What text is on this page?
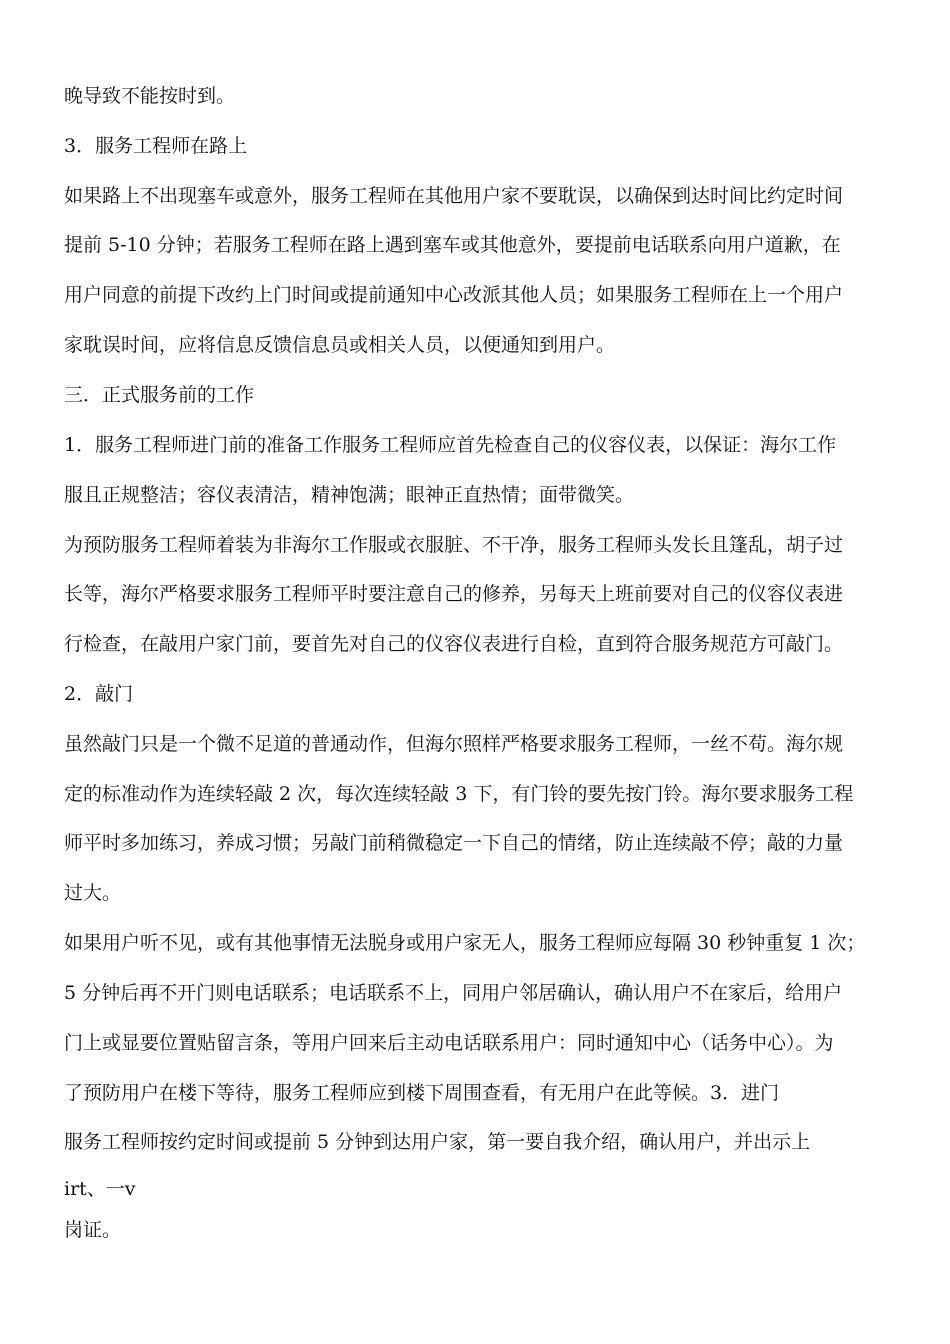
晚导致不能按时到。
3．服务工程师在路上
如果路上不出现塞车或意外，服务工程师在其他用户家不要耽误，以确保到达时间比约定时间
提前 5-10 分钟；若服务工程师在路上遇到塞车或其他意外，要提前电话联系向用户道歉，在
用户同意的前提下改约上门时间或提前通知中心改派其他人员；如果服务工程师在上一个用户
家耽误时间，应将信息反馈信息员或相关人员，以便通知到用户。
三．正式服务前的工作
1．服务工程师进门前的准备工作服务工程师应首先检查自己的仪容仪表，以保证：海尔工作
服且正规整洁；容仪表清洁，精神饱满；眼神正直热情；面带微笑。
为预防服务工程师着装为非海尔工作服或衣服脏、不干净，服务工程师头发长且篷乱，胡子过
长等，海尔严格要求服务工程师平时要注意自己的修养，另每天上班前要对自己的仪容仪表进
行检查，在敲用户家门前，要首先对自己的仪容仪表进行自检，直到符合服务规范方可敲门。
2．敲门
虽然敲门只是一个微不足道的普通动作，但海尔照样严格要求服务工程师，一丝不苟。海尔规
定的标准动作为连续轻敲 2 次，每次连续轻敲 3 下，有门铃的要先按门铃。海尔要求服务工程
师平时多加练习，养成习惯；另敲门前稍微稳定一下自己的情绪，防止连续敲不停；敲的力量
过大。
如果用户听不见，或有其他事情无法脱身或用户家无人，服务工程师应每隔 30 秒钟重复 1 次；
5 分钟后再不开门则电话联系；电话联系不上，同用户邻居确认，确认用户不在家后，给用户
门上或显要位置贴留言条，等用户回来后主动电话联系用户：同时通知中心（话务中心）。为
了预防用户在楼下等待，服务工程师应到楼下周围查看，有无用户在此等候。3．进门
服务工程师按约定时间或提前 5 分钟到达用户家，第一要自我介绍，确认用户，并出示上
irt、一v
岗证。
